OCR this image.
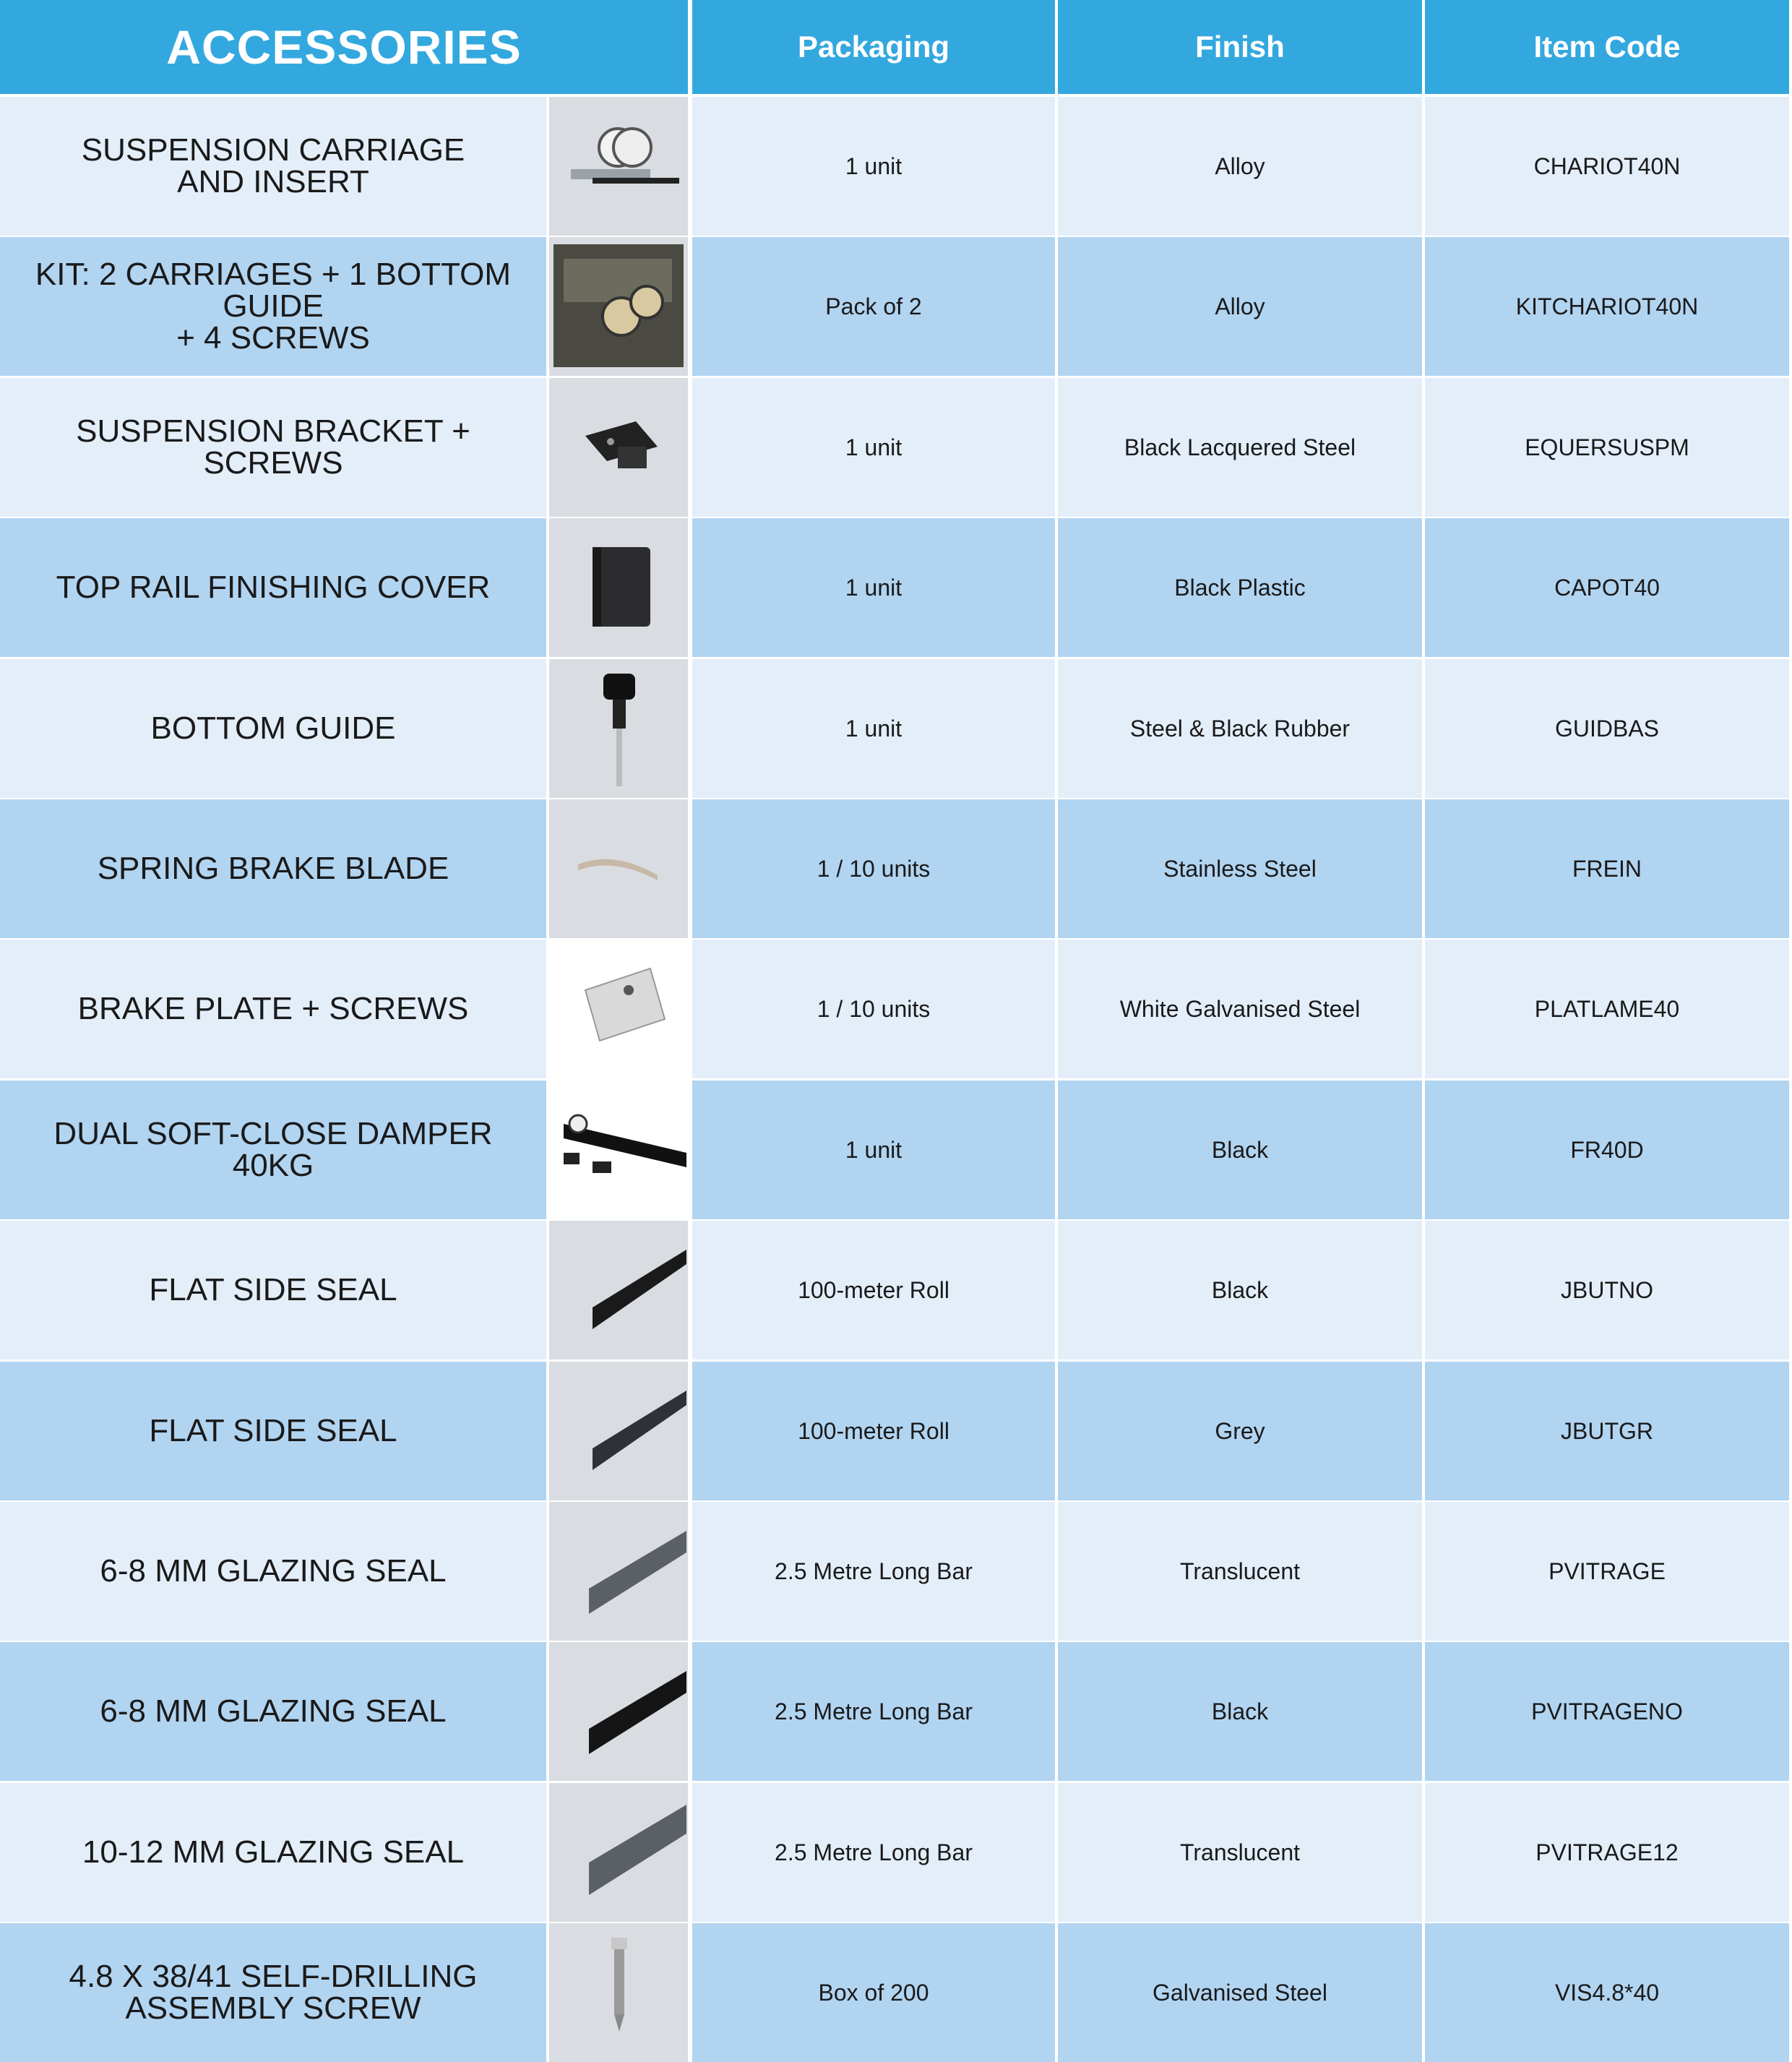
ACCESSORIES	Packaging	Finish	Item Code
SUSPENSION CARRIAGE
AND INSERT	1 unit	Alloy	CHARIOT40N
KIT: 2 CARRIAGES + 1 BOTTOM GUIDE
+ 4 SCREWS
Pack of 2	Alloy	KITCHARIOT40N
SUSPENSION BRACKET + SCREWS	1 unit	Black Lacquered Steel	EQUERSUSPM
TOP RAIL FINISHING COVER	1 unit	Black Plastic	CAPOT40
BOTTOM GUIDE	1 unit	Steel & Black Rubber	GUIDBAS
SPRING BRAKE BLADE	1 / 10 units	Stainless Steel	FREIN
BRAKE PLATE + SCREWS	1 / 10 units	White Galvanised Steel	PLATLAME40
DUAL SOFT-CLOSE DAMPER 40KG	1 unit	Black	FR40D
FLAT SIDE SEAL	100-meter Roll	Black	JBUTNO
FLAT SIDE SEAL	100-meter Roll	Grey	JBUTGR
6-8 MM GLAZING SEAL	2.5 Metre Long Bar	Translucent	PVITRAGE
6-8 MM GLAZING SEAL	2.5 Metre Long Bar	Black	PVITRAGENO
10-12 MM GLAZING SEAL	2.5 Metre Long Bar	Translucent	PVITRAGE12
4.8 X 38/41 SELF-DRILLING
ASSEMBLY SCREW	Box of 200	Galvanised Steel	VIS4.8*40
